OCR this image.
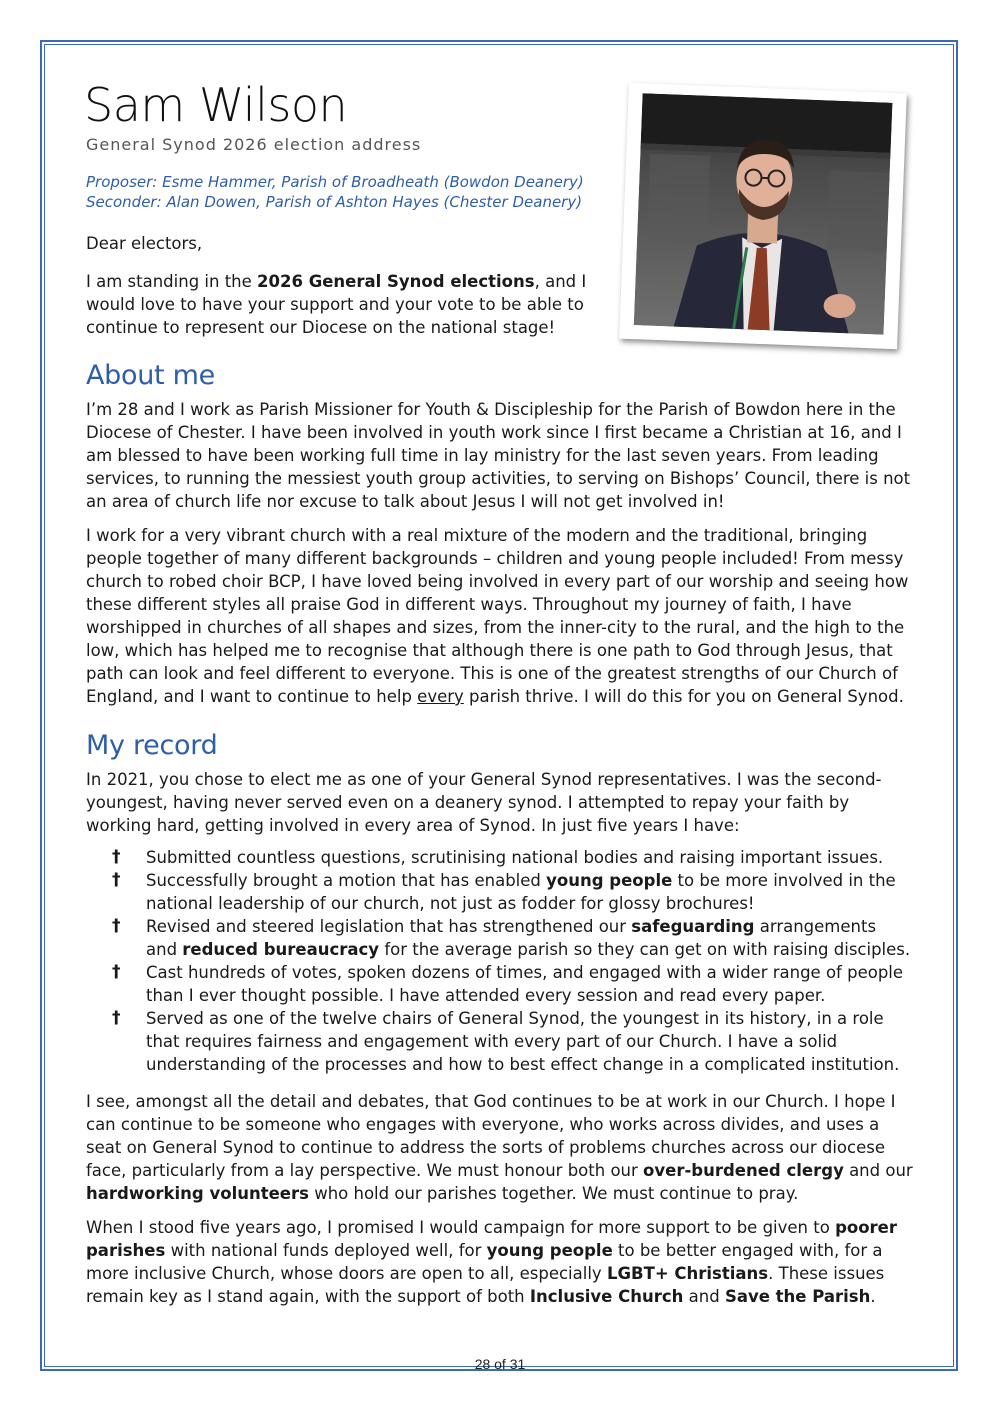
Sam Wilson

General Synod 2026 election address

Proposer: Esme Hammer, Parish of Broadheath (Bowdon Deanery)
Seconder: Alan Dowen, Parish of Ashton Hayes (Chester Deanery)

Dear electors,

I am standing in the 2026 General Synod elections, and I would love to have your support and your vote to be able to continue to represent our Diocese on the national stage!

About me

I’m 28 and I work as Parish Missioner for Youth & Discipleship for the Parish of Bowdon here in the Diocese of Chester. I have been involved in youth work since I first became a Christian at 16, and I am blessed to have been working full time in lay ministry for the last seven years. From leading services, to running the messiest youth group activities, to serving on Bishops’ Council, there is not an area of church life nor excuse to talk about Jesus I will not get involved in!

I work for a very vibrant church with a real mixture of the modern and the traditional, bringing people together of many different backgrounds – children and young people included! From messy church to robed choir BCP, I have loved being involved in every part of our worship and seeing how these different styles all praise God in different ways. Throughout my journey of faith, I have worshipped in churches of all shapes and sizes, from the inner-city to the rural, and the high to the low, which has helped me to recognise that although there is one path to God through Jesus, that path can look and feel different to everyone. This is one of the greatest strengths of our Church of England, and I want to continue to help every parish thrive. I will do this for you on General Synod.

My record

In 2021, you chose to elect me as one of your General Synod representatives. I was the second-youngest, having never served even on a deanery synod. I attempted to repay your faith by working hard, getting involved in every area of Synod. In just five years I have:

† Submitted countless questions, scrutinising national bodies and raising important issues.
† Successfully brought a motion that has enabled young people to be more involved in the national leadership of our church, not just as fodder for glossy brochures!
† Revised and steered legislation that has strengthened our safeguarding arrangements and reduced bureaucracy for the average parish so they can get on with raising disciples.
† Cast hundreds of votes, spoken dozens of times, and engaged with a wider range of people than I ever thought possible. I have attended every session and read every paper.
† Served as one of the twelve chairs of General Synod, the youngest in its history, in a role that requires fairness and engagement with every part of our Church. I have a solid understanding of the processes and how to best effect change in a complicated institution.

I see, amongst all the detail and debates, that God continues to be at work in our Church. I hope I can continue to be someone who engages with everyone, who works across divides, and uses a seat on General Synod to continue to address the sorts of problems churches across our diocese face, particularly from a lay perspective. We must honour both our over-burdened clergy and our hardworking volunteers who hold our parishes together. We must continue to pray.

When I stood five years ago, I promised I would campaign for more support to be given to poorer parishes with national funds deployed well, for young people to be better engaged with, for a more inclusive Church, whose doors are open to all, especially LGBT+ Christians. These issues remain key as I stand again, with the support of both Inclusive Church and Save the Parish.

28 of 31
